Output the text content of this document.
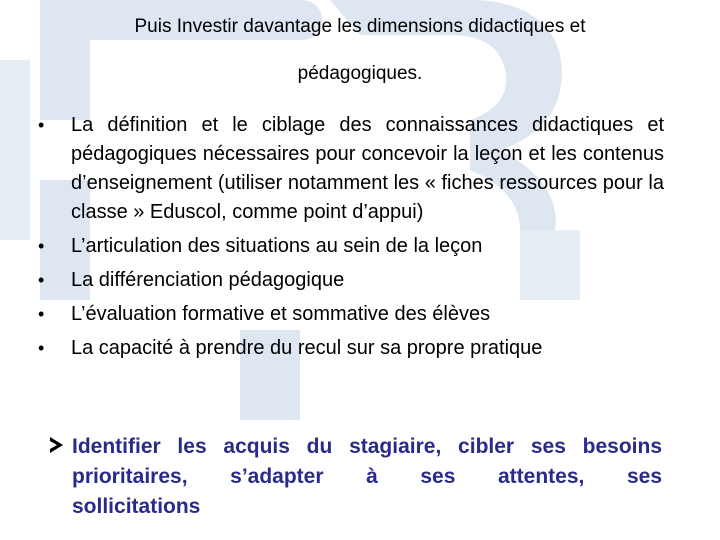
Puis Investir davantage les dimensions didactiques et
pédagogiques.
•	La définition et le ciblage des connaissances didactiques et pédagogiques nécessaires pour concevoir la leçon et les contenus d’enseignement (utiliser notamment les « fiches ressources pour la classe » Eduscol, comme point d’appui)
•	L’articulation des situations au sein de la leçon
•	La différenciation pédagogique
•	L’évaluation formative et sommative des élèves
•	La capacité à prendre du recul sur sa propre pratique
Identifier les acquis du stagiaire, cibler ses besoins
prioritaires, s’adapter à ses attentes, ses
sollicitations
